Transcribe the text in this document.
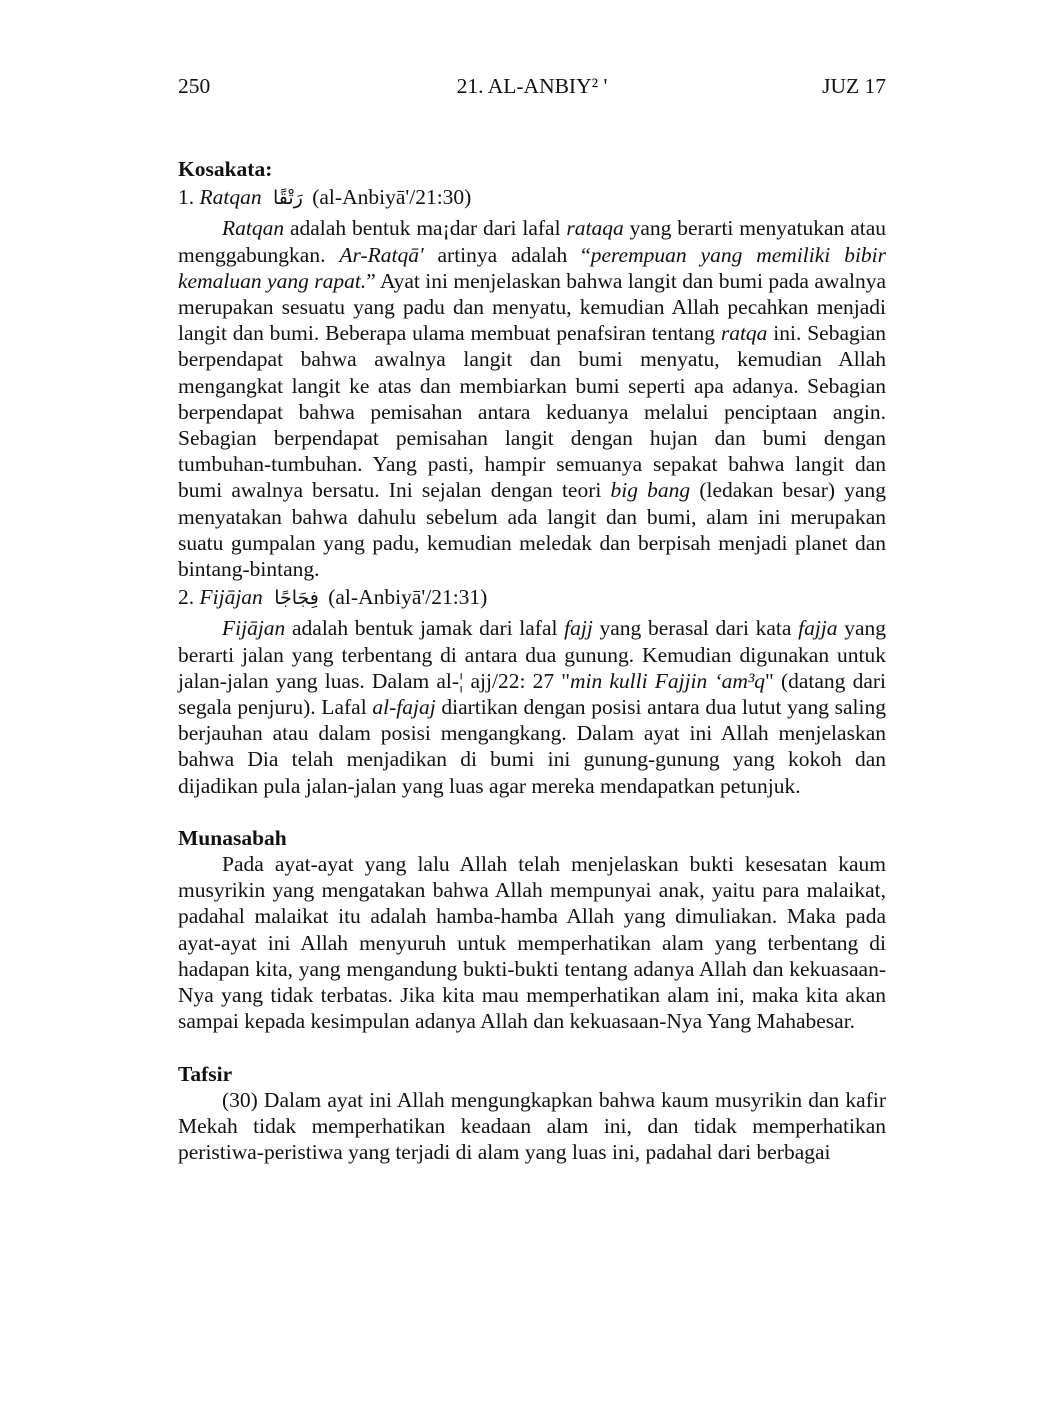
21. AL-ANBIY² '
250	JUZ 17
Kosakata:
1. Ratqan رَتْقًا (al-Anbiyā'/21:30)

Ratqan adalah bentuk ma¡dar dari lafal rataqa yang berarti menyatukan atau menggabungkan. Ar-Ratqā' artinya adalah “perempuan yang memiliki bibir kemaluan yang rapat.” Ayat ini menjelaskan bahwa langit dan bumi pada awalnya merupakan sesuatu yang padu dan menyatu, kemudian Allah pecahkan menjadi langit dan bumi. Beberapa ulama membuat penafsiran tentang ratqa ini. Sebagian berpendapat bahwa awalnya langit dan bumi menyatu, kemudian Allah mengangkat langit ke atas dan membiarkan bumi seperti apa adanya. Sebagian berpendapat bahwa pemisahan antara keduanya melalui penciptaan angin. Sebagian berpendapat pemisahan langit dengan hujan dan bumi dengan tumbuhan-tumbuhan. Yang pasti, hampir semuanya sepakat bahwa langit dan bumi awalnya bersatu. Ini sejalan dengan teori big bang (ledakan besar) yang menyatakan bahwa dahulu sebelum ada langit dan bumi, alam ini merupakan suatu gumpalan yang padu, kemudian meledak dan berpisah menjadi planet dan bintang-bintang.

2. Fijājan فِجَاجًا (al-Anbiyā'/21:31)

Fijājan adalah bentuk jamak dari lafal fajj yang berasal dari kata fajja yang berarti jalan yang terbentang di antara dua gunung. Kemudian digunakan untuk jalan-jalan yang luas. Dalam al-¦ ajj/22: 27 "min kulli Fajjin ‘am³q" (datang dari segala penjuru). Lafal al-fajaj diartikan dengan posisi antara dua lutut yang saling berjauhan atau dalam posisi mengangkang. Dalam ayat ini Allah menjelaskan bahwa Dia telah menjadikan di bumi ini gunung-gunung yang kokoh dan dijadikan pula jalan-jalan yang luas agar mereka mendapatkan petunjuk.

Munasabah

Pada ayat-ayat yang lalu Allah telah menjelaskan bukti kesesatan kaum musyrikin yang mengatakan bahwa Allah mempunyai anak, yaitu para malaikat, padahal malaikat itu adalah hamba-hamba Allah yang dimuliakan. Maka pada ayat-ayat ini Allah menyuruh untuk memperhatikan alam yang terbentang di hadapan kita, yang mengandung bukti-bukti tentang adanya Allah dan kekuasaan-Nya yang tidak terbatas. Jika kita mau memperhatikan alam ini, maka kita akan sampai kepada kesimpulan adanya Allah dan kekuasaan-Nya Yang Mahabesar.

Tafsir

(30) Dalam ayat ini Allah mengungkapkan bahwa kaum musyrikin dan kafir Mekah tidak memperhatikan keadaan alam ini, dan tidak memperhatikan peristiwa-peristiwa yang terjadi di alam yang luas ini, padahal dari berbagai
